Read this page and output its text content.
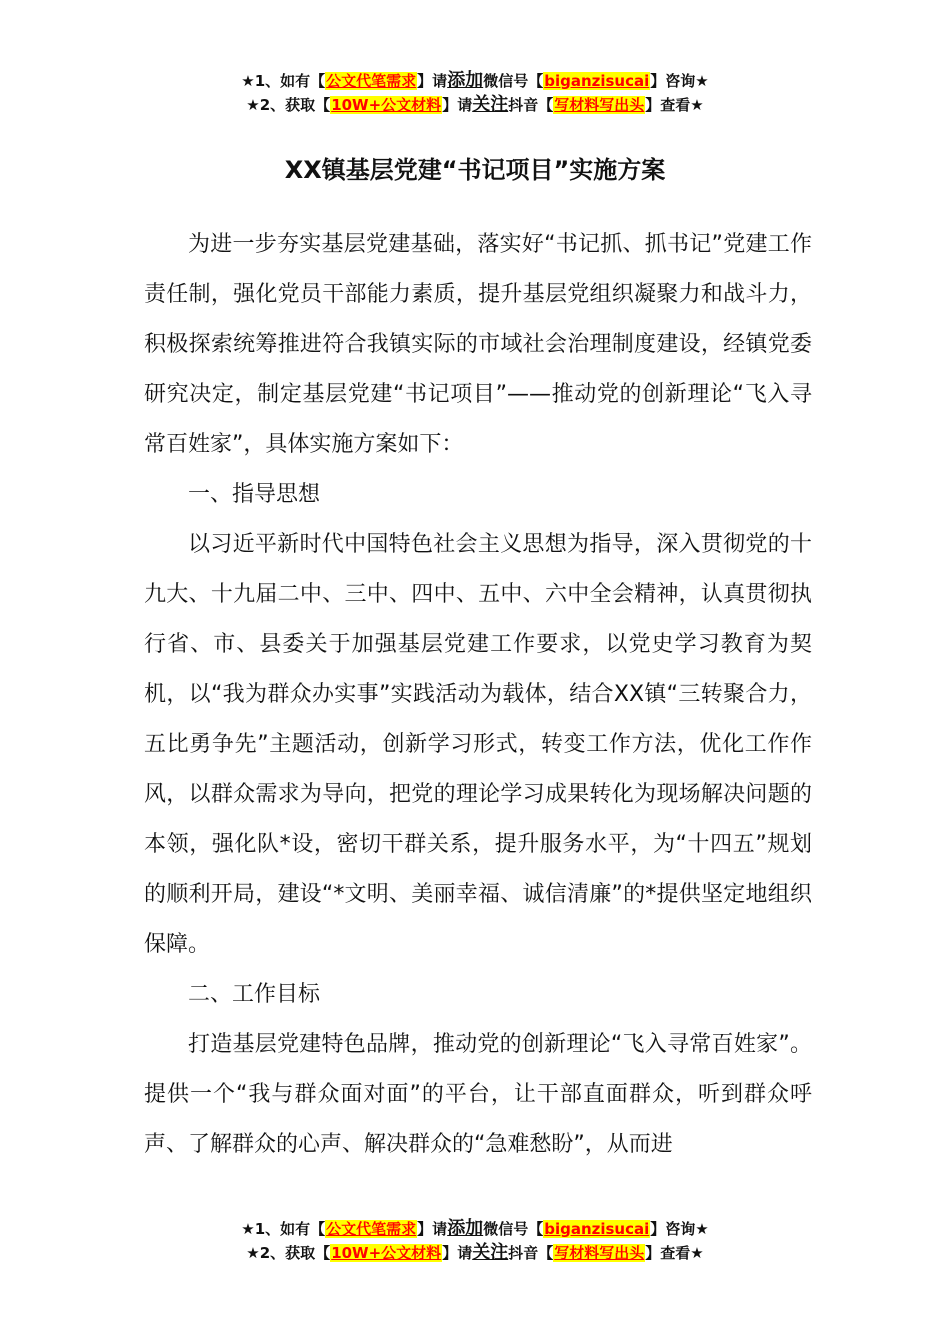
★1、如有【公文代笔需求】请添加微信号【biganzisucai】咨询★
★2、获取【10W+公文材料】请关注抖音【写材料写出头】查看★
XX镇基层党建“书记项目”实施方案

为进一步夯实基层党建基础，落实好“书记抓、抓书记”党建工作责任制，强化党员干部能力素质，提升基层党组织凝聚力和战斗力，积极探索统筹推进符合我镇实际的市域社会治理制度建设，经镇党委研究决定，制定基层党建“书记项目”——推动党的创新理论“飞入寻常百姓家”，具体实施方案如下：

一、指导思想

以习近平新时代中国特色社会主义思想为指导，深入贯彻党的十九大、十九届二中、三中、四中、五中、六中全会精神，认真贯彻执行省、市、县委关于加强基层党建工作要求，以党史学习教育为契机，以“我为群众办实事”实践活动为载体，结合XX镇“三转聚合力，五比勇争先”主题活动，创新学习形式，转变工作方法，优化工作作风，以群众需求为导向，把党的理论学习成果转化为现场解决问题的本领，强化队*设，密切干群关系，提升服务水平，为“十四五”规划的顺利开局，建设“*文明、美丽幸福、诚信清廉”的*提供坚定地组织保障。

二、工作目标

打造基层党建特色品牌，推动党的创新理论“飞入寻常百姓家”。提供一个“我与群众面对面”的平台，让干部直面群众，听到群众呼声、了解群众的心声、解决群众的“急难愁盼”，从而进

★1、如有【公文代笔需求】请添加微信号【biganzisucai】咨询★
★2、获取【10W+公文材料】请关注抖音【写材料写出头】查看★
